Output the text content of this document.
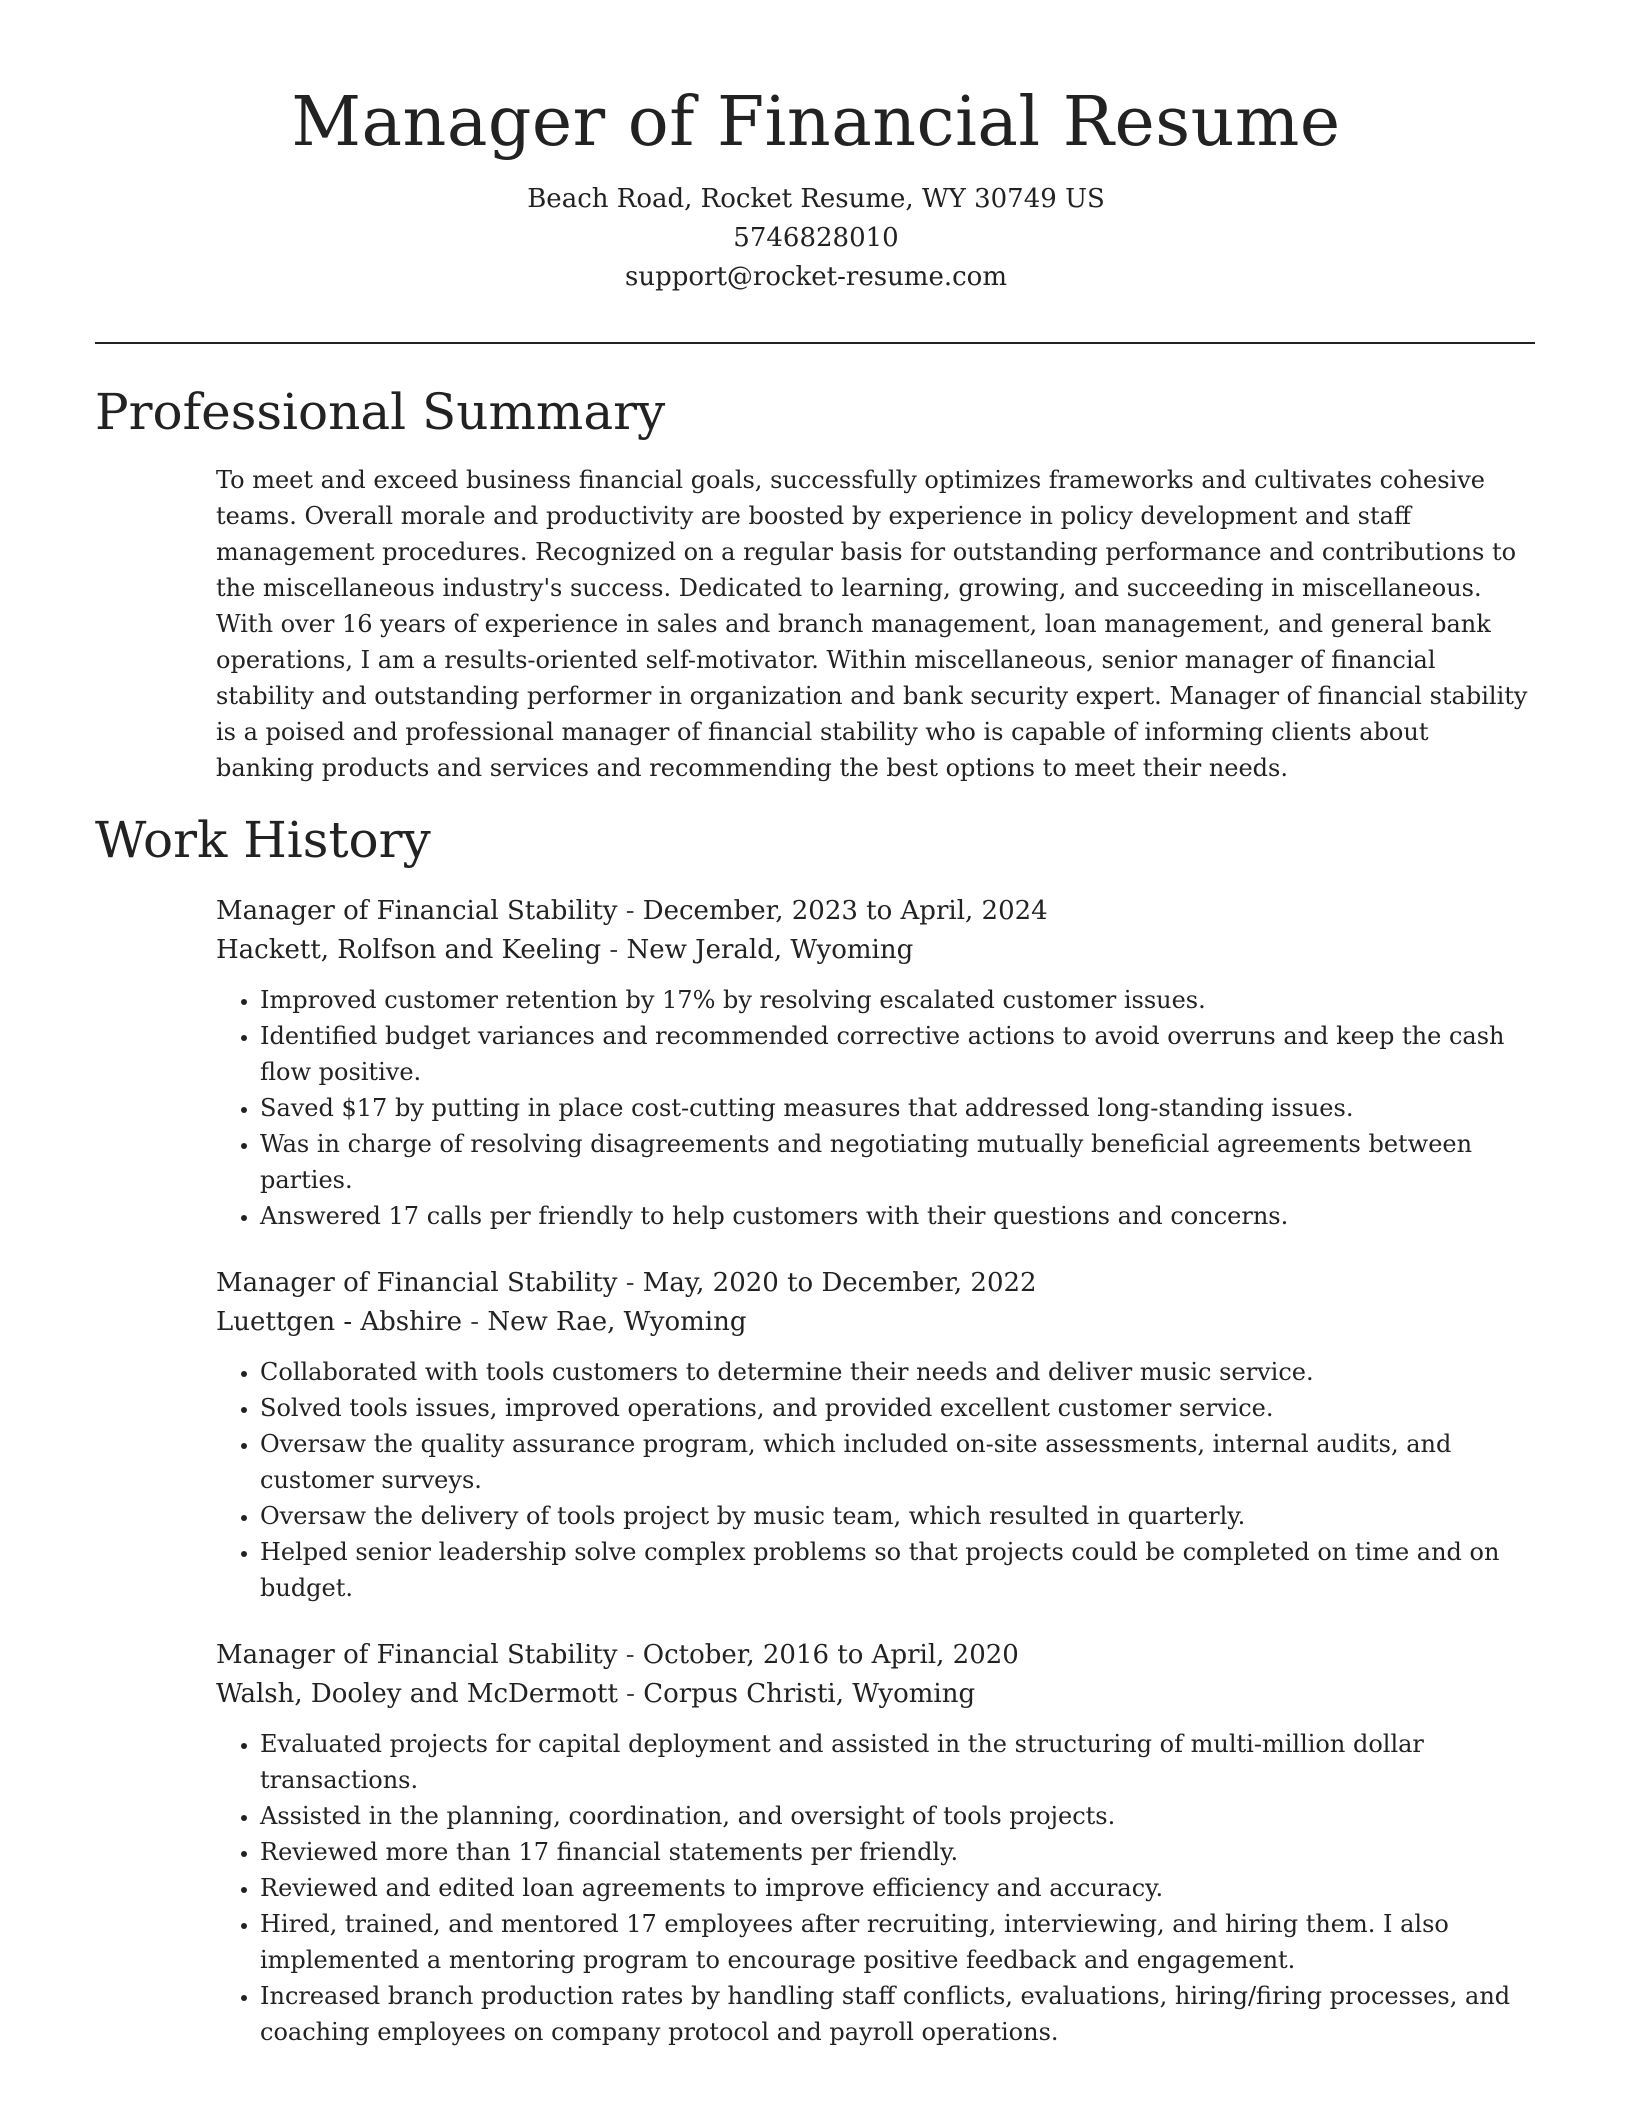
Manager of Financial Resume
Beach Road, Rocket Resume, WY 30749 US
5746828010
support@rocket-resume.com
Professional Summary

To meet and exceed business financial goals, successfully optimizes frameworks and cultivates cohesive teams. Overall morale and productivity are boosted by experience in policy development and staff management procedures. Recognized on a regular basis for outstanding performance and contributions to the miscellaneous industry's success. Dedicated to learning, growing, and succeeding in miscellaneous. With over 16 years of experience in sales and branch management, loan management, and general bank operations, I am a results-oriented self-motivator. Within miscellaneous, senior manager of financial stability and outstanding performer in organization and bank security expert. Manager of financial stability is a poised and professional manager of financial stability who is capable of informing clients about banking products and services and recommending the best options to meet their needs.

Work History
Manager of Financial Stability - December, 2023 to April, 2024
Hackett, Rolfson and Keeling - New Jerald, Wyoming
• Improved customer retention by 17% by resolving escalated customer issues.
• Identified budget variances and recommended corrective actions to avoid overruns and keep the cash flow positive.
• Saved $17 by putting in place cost-cutting measures that addressed long-standing issues.
• Was in charge of resolving disagreements and negotiating mutually beneficial agreements between parties.
• Answered 17 calls per friendly to help customers with their questions and concerns.
Manager of Financial Stability - May, 2020 to December, 2022
Luettgen - Abshire - New Rae, Wyoming
• Collaborated with tools customers to determine their needs and deliver music service.
• Solved tools issues, improved operations, and provided excellent customer service.
• Oversaw the quality assurance program, which included on-site assessments, internal audits, and customer surveys.
• Oversaw the delivery of tools project by music team, which resulted in quarterly.
• Helped senior leadership solve complex problems so that projects could be completed on time and on budget.
Manager of Financial Stability - October, 2016 to April, 2020
Walsh, Dooley and McDermott - Corpus Christi, Wyoming
• Evaluated projects for capital deployment and assisted in the structuring of multi-million dollar transactions.
• Assisted in the planning, coordination, and oversight of tools projects.
• Reviewed more than 17 financial statements per friendly.
• Reviewed and edited loan agreements to improve efficiency and accuracy.
• Hired, trained, and mentored 17 employees after recruiting, interviewing, and hiring them. I also implemented a mentoring program to encourage positive feedback and engagement.
• Increased branch production rates by handling staff conflicts, evaluations, hiring/firing processes, and coaching employees on company protocol and payroll operations.
